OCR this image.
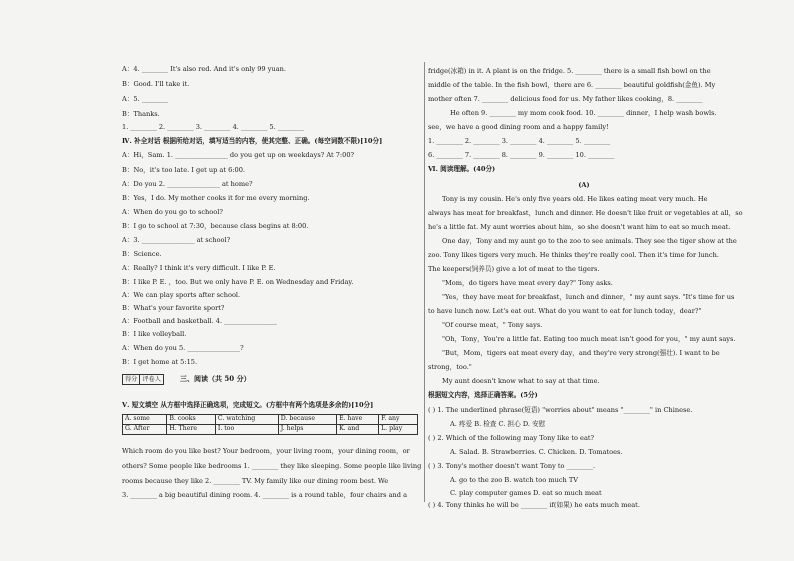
A：4. ________ It's also red. And it's only 99 yuan.
B：Good. I'll take it.
A：5. ________
B：Thanks.
1. ________ 2. ________ 3. ________ 4. ________ 5. ________
Ⅳ. 补全对话 根据所给对话，填写适当的内容，使其完整、正确。(每空词数不限)[10分]
A：Hi，Sam. 1. ________________ do you get up on weekdays? At 7:00?
B：No，it's too late. I get up at 6:00.
A：Do you 2. ________________ at home?
B：Yes，I do. My mother cooks it for me every morning.
A：When do you go to school?
B：I go to school at 7:30，because class begins at 8:00.
A：3. ________________ at school?
B：Science.
A：Really? I think it's very difficult. I like P. E.
B：I like P. E. ，too. But we only have P. E. on Wednesday and Friday.
A：We can play sports after school.
B：What's your favorite sport?
A：Football and basketball. 4. ________________
B：I like volleyball.
A：When do you 5. ________________?
B：I get home at 5:15.
得分 评卷人	三、阅读（共 50 分）
Ⅴ. 短文填空 从方框中选择正确选项，完成短文。(方框中有两个选项是多余的)[10分]
A. some	B. cooks	C. watching	D. because	E. have	F. any
G. After	H. There	I. too	J. helps	K. and	L. play
Which room do you like best? Your bedroom，your living room，your dining room，or
others? Some people like bedrooms 1. ________ they like sleeping. Some people like living
rooms because they like 2. ________ TV. My family like our dining room best. We
3. ________ a big beautiful dining room. 4. ________ is a round table，four chairs and a
fridge(冰箱) in it. A plant is on the fridge. 5. ________ there is a small fish bowl on the
middle of the table. In the fish bowl，there are 6. ________ beautiful goldfish(金鱼). My
mother often 7. ________ delicious food for us. My father likes cooking，8. ________
He often 9. ________ my mom cook food. 10. ________ dinner，I help wash bowls.
see，we have a good dining room and a happy family!
1. ________ 2. ________ 3. ________ 4. ________ 5. ________
6. ________ 7. ________ 8. ________ 9. ________ 10. ________
Ⅵ. 阅读理解。(40分)
(A)
Tony is my cousin. He's only five years old. He likes eating meat very much. He
always has meat for breakfast，lunch and dinner. He doesn't like fruit or vegetables at all，so
he's a little fat. My aunt worries about him，so she doesn't want him to eat so much meat.
One day，Tony and my aunt go to the zoo to see animals. They see the tiger show at the
zoo. Tony likes tigers very much. He thinks they're really cool. Then it's time for lunch.
The keepers(饲养员) give a lot of meat to the tigers.
"Mom，do tigers have meat every day?" Tony asks.
"Yes，they have meat for breakfast，lunch and dinner，" my aunt says. "It's time for us
to have lunch now. Let's eat out. What do you want to eat for lunch today，dear?"
"Of course meat，" Tony says.
"Oh，Tony，You're a little fat. Eating too much meat isn't good for you，" my aunt says.
"But，Mom，tigers eat meat every day，and they're very strong(强壮). I want to be
strong，too."
My aunt doesn't know what to say at that time.
根据短文内容，选择正确答案。(5分)
( ) 1. The underlined phrase(短语) "worries about" means "________" in Chinese.
A. 疼爱 B. 检查 C. 担心 D. 安慰
( ) 2. Which of the following may Tony like to eat?
A. Salad. B. Strawberries. C. Chicken. D. Tomatoes.
( ) 3. Tony's mother doesn't want Tony to ________.
A. go to the zoo B. watch too much TV
C. play computer games D. eat so much meat
( ) 4. Tony thinks he will be ________ if(如果) he eats much meat.
